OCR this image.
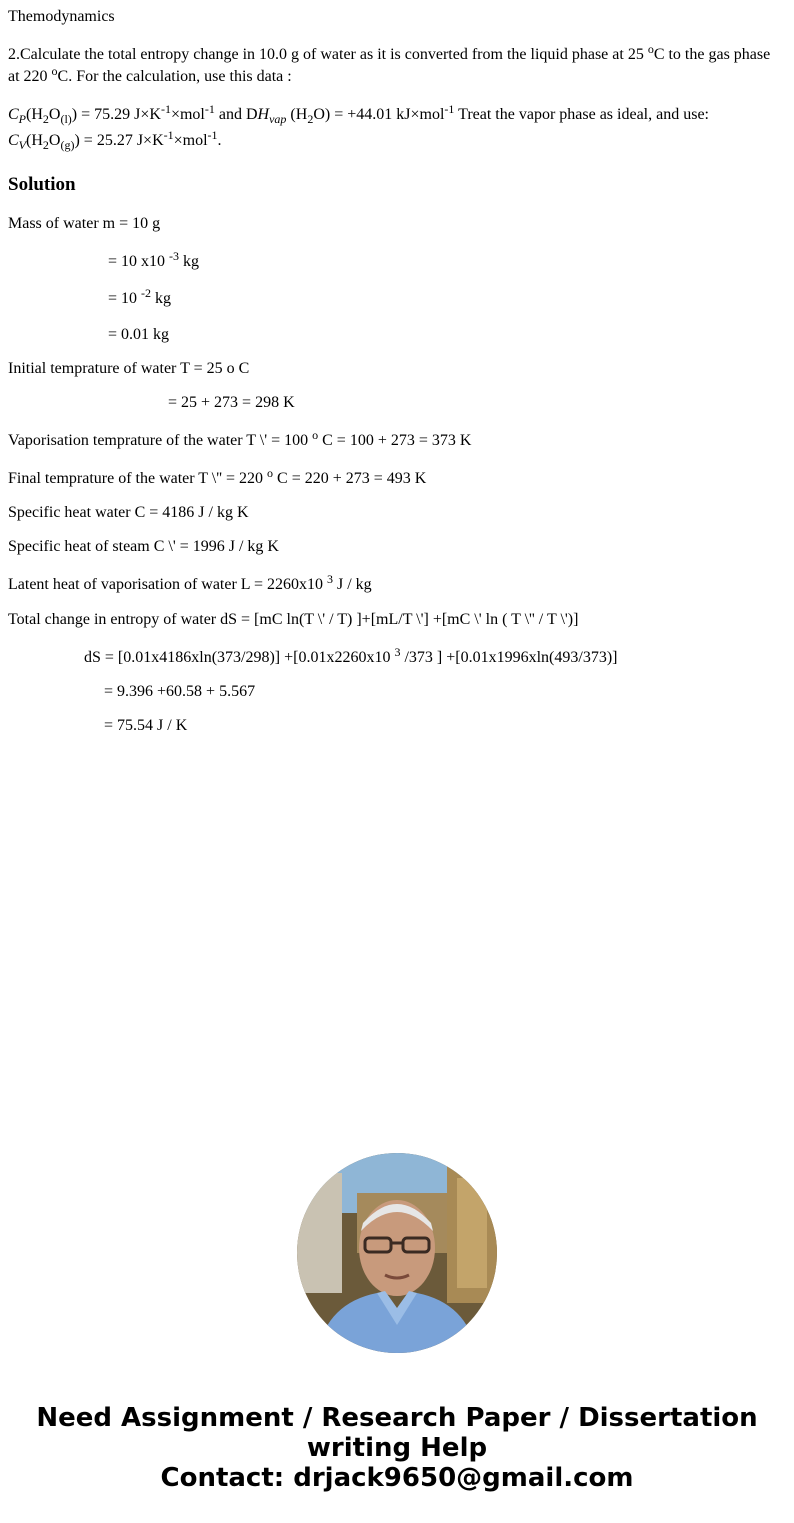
Themodynamics
2.Calculate the total entropy change in 10.0 g of water as it is converted from the liquid phase at 25 $^o$C to the gas phase at 220 $^o$C. For the calculation, use this data :
$C_P(H_2O_{(l)}) = 75.29$ $J\times K^{-1}\times mol^{-1}$ and $DH_{vap}$ $(H_2O) = +44.01$ kJ×mol$^{-1}$ Treat the vapor phase as ideal, and use:
$C_V(H_2O_{(g)}) = 25.27$ $J\times K^{-1}\times mol^{-1}$.
Solution
Mass of water m = 10 g
= 10 x10 $^{-3}$ kg
= 10 $^{-2}$ kg
= 0.01 kg
Initial temprature of water T = 25 o C
= 25 + 273 = 298 K
Vaporisation temprature of the water T \' = 100 $^o$ C = 100 + 273 = 373 K
Final temprature of the water T \'' = 220 $^o$ C = 220 + 273 = 493 K
Specific heat water C = 4186 J / kg K
Specific heat of steam C \' = 1996 J / kg K
Latent heat of vaporisation of water L = 2260x10 $^3$ J / kg
Total change in entropy of water dS = [mC ln(T \' / T) ]+[mL/T \'] +[mC \' ln ( T \'' / T \')]
dS = [0.01x4186xln(373/298)] +[0.01x2260x10 $^3$ /373 ] +[0.01x1996xln(493/373)]
= 9.396 +60.58 + 5.567
= 75.54 J / K
Need Assignment / Research Paper / Dissertation
writing Help
Contact: drjack9650@gmail.com
